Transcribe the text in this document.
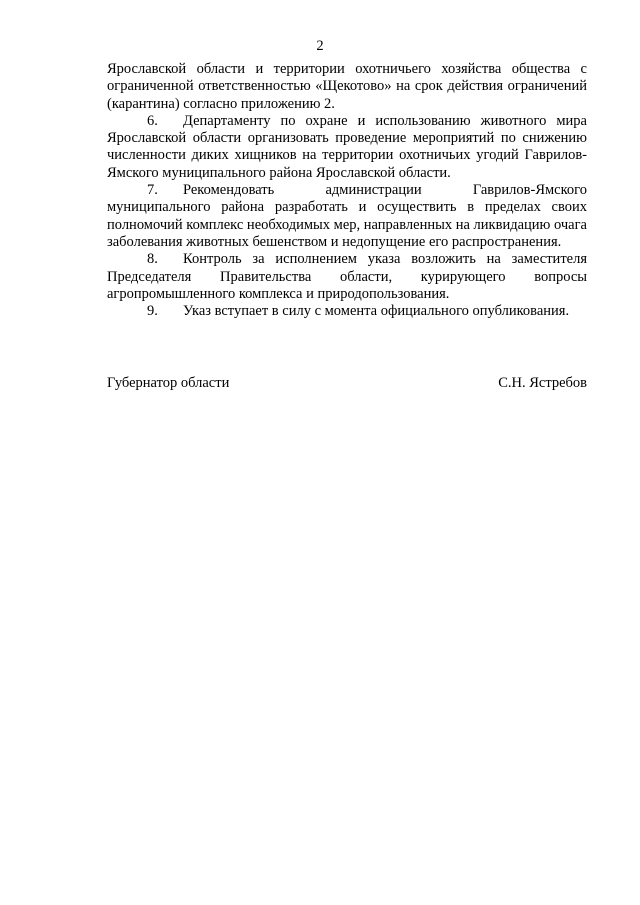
2

Ярославской области и территории охотничьего хозяйства общества с ограниченной ответственностью «Щекотово» на срок действия ограничений (карантина) согласно приложению 2.

6. Департаменту по охране и использованию животного мира Ярославской области организовать проведение мероприятий по снижению численности диких хищников на территории охотничьих угодий Гаврилов-Ямского муниципального района Ярославской области.

7. Рекомендовать администрации Гаврилов-Ямского муниципального района разработать и осуществить в пределах своих полномочий комплекс необходимых мер, направленных на ликвидацию очага заболевания животных бешенством и недопущение его распространения.

8. Контроль за исполнением указа возложить на заместителя Председателя Правительства области, курирующего вопросы агропромышленного комплекса и природопользования.

9. Указ вступает в силу с момента официального опубликования.

Губернатор области	С.Н. Ястребов
